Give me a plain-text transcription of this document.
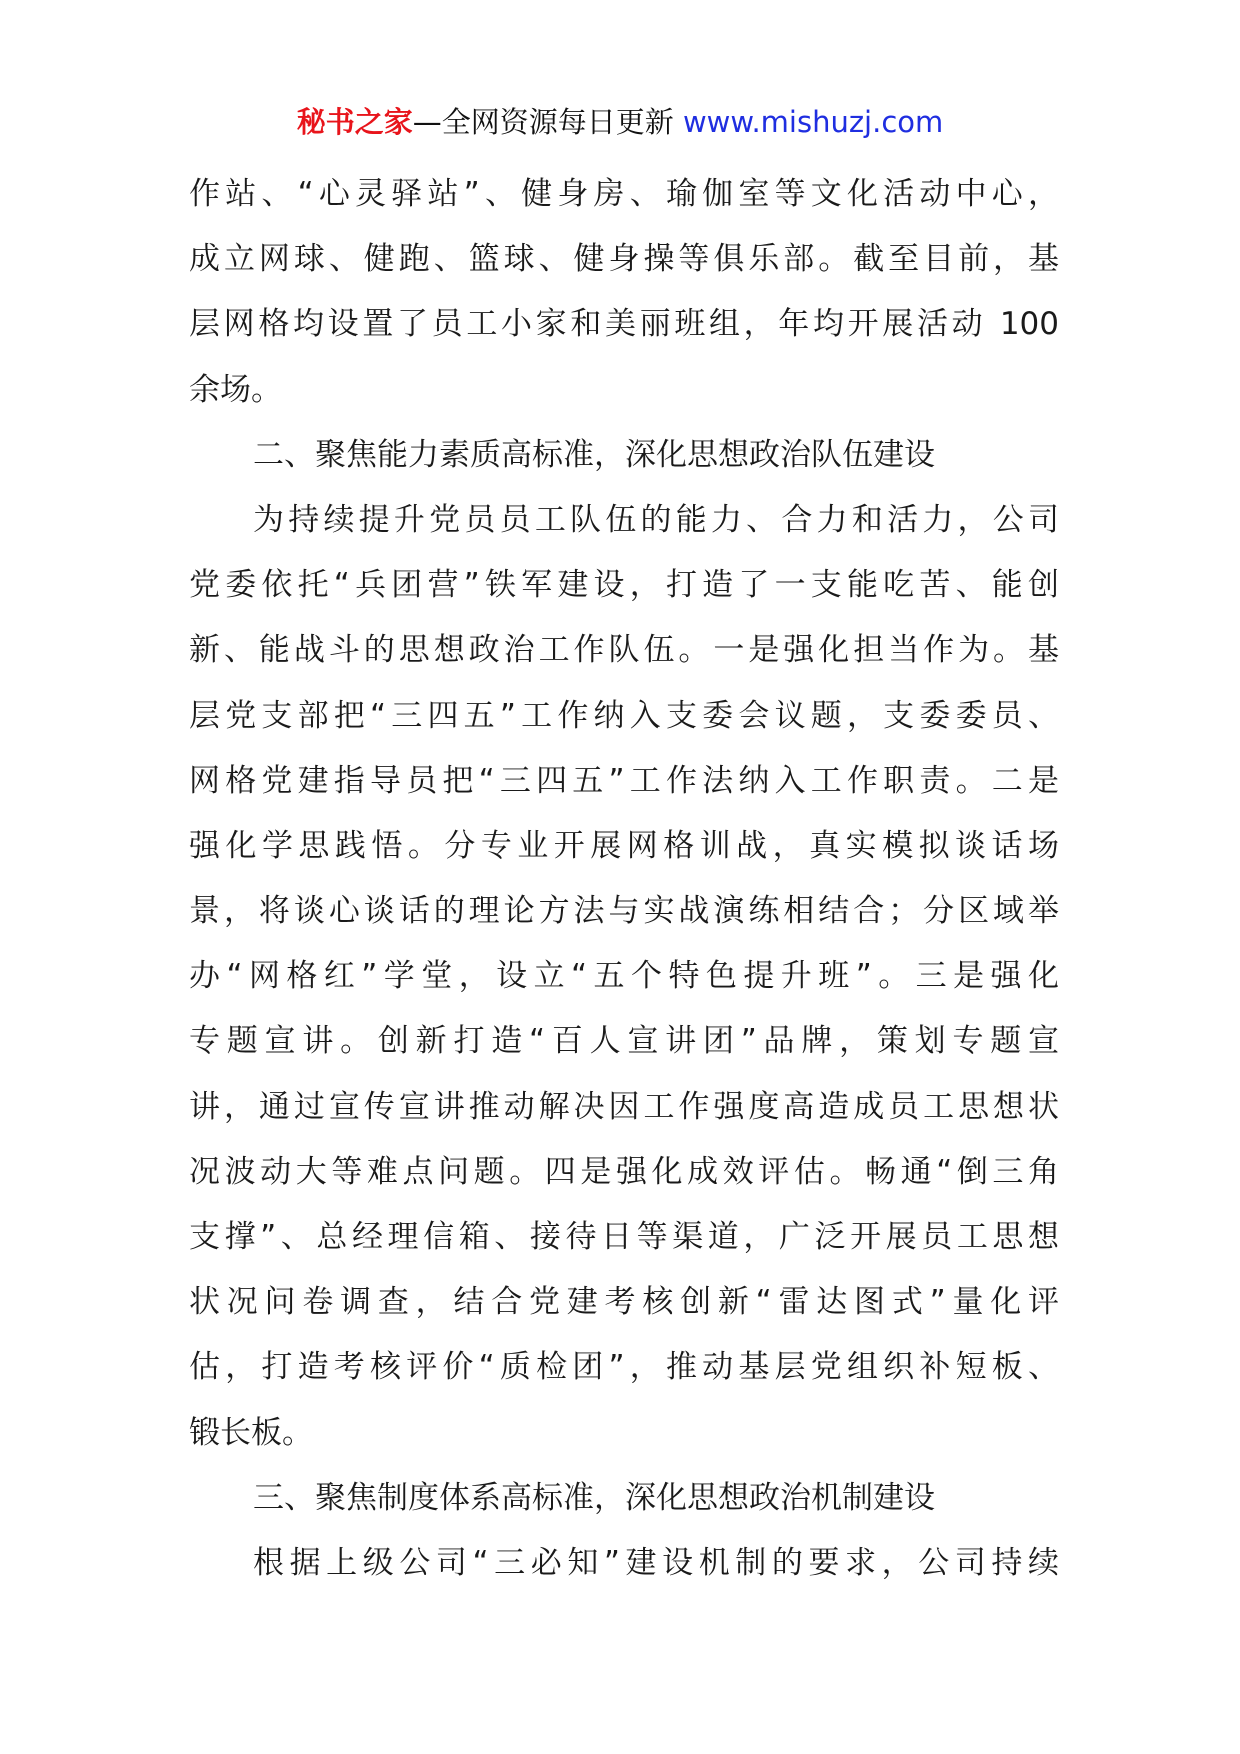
秘书之家—全网资源每日更新 www.mishuzj.com
作站、“心灵驿站”、健身房、瑜伽室等文化活动中心，
成立网球、健跑、篮球、健身操等俱乐部。截至目前，基
层网格均设置了员工小家和美丽班组，年均开展活动 100
余场。
二、聚焦能力素质高标准，深化思想政治队伍建设
为持续提升党员员工队伍的能力、合力和活力，公司
党委依托“兵团营”铁军建设，打造了一支能吃苦、能创
新、能战斗的思想政治工作队伍。一是强化担当作为。基
层党支部把“三四五”工作纳入支委会议题，支委委员、
网格党建指导员把“三四五”工作法纳入工作职责。二是
强化学思践悟。分专业开展网格训战，真实模拟谈话场
景，将谈心谈话的理论方法与实战演练相结合；分区域举
办“网格红”学堂，设立“五个特色提升班”。三是强化
专题宣讲。创新打造“百人宣讲团”品牌，策划专题宣
讲，通过宣传宣讲推动解决因工作强度高造成员工思想状
况波动大等难点问题。四是强化成效评估。畅通“倒三角
支撑”、总经理信箱、接待日等渠道，广泛开展员工思想
状况问卷调查，结合党建考核创新“雷达图式”量化评
估，打造考核评价“质检团”，推动基层党组织补短板、
锻长板。
三、聚焦制度体系高标准，深化思想政治机制建设
根据上级公司“三必知”建设机制的要求，公司持续
